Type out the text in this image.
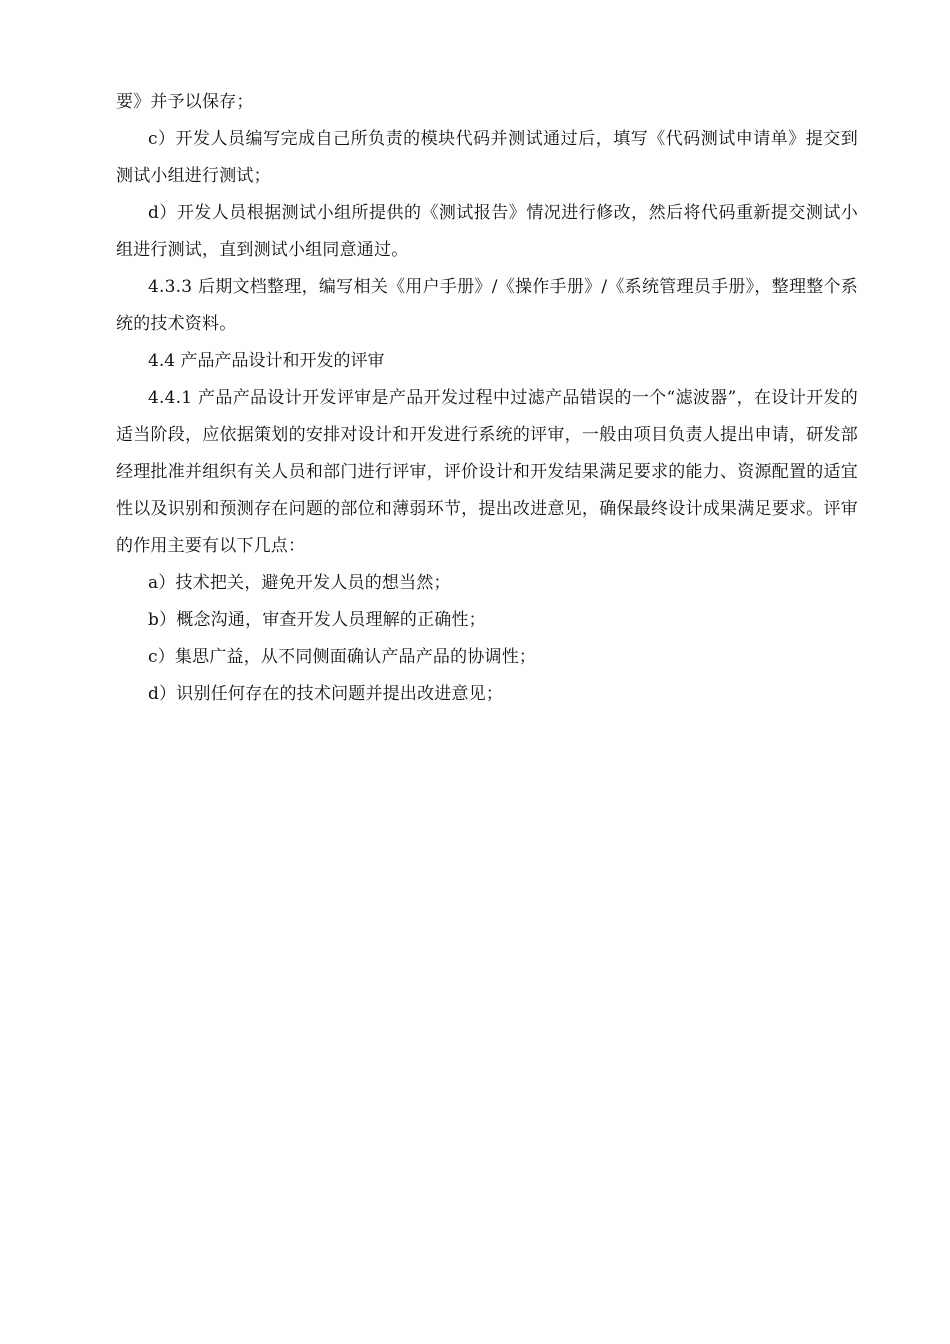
要》并予以保存；

c）开发人员编写完成自己所负责的模块代码并测试通过后，填写《代码测试申请单》提交到测试小组进行测试；

d）开发人员根据测试小组所提供的《测试报告》情况进行修改，然后将代码重新提交测试小组进行测试，直到测试小组同意通过。

4.3.3 后期文档整理，编写相关《用户手册》/《操作手册》/《系统管理员手册》，整理整个系统的技术资料。

4.4 产品产品设计和开发的评审

4.4.1 产品产品设计开发评审是产品开发过程中过滤产品错误的一个“滤波器”，在设计开发的适当阶段，应依据策划的安排对设计和开发进行系统的评审，一般由项目负责人提出申请，研发部经理批准并组织有关人员和部门进行评审，评价设计和开发结果满足要求的能力、资源配置的适宜性以及识别和预测存在问题的部位和薄弱环节，提出改进意见，确保最终设计成果满足要求。评审的作用主要有以下几点：

a）技术把关，避免开发人员的想当然；

b）概念沟通，审查开发人员理解的正确性；

c）集思广益，从不同侧面确认产品产品的协调性；

d）识别任何存在的技术问题并提出改进意见；
